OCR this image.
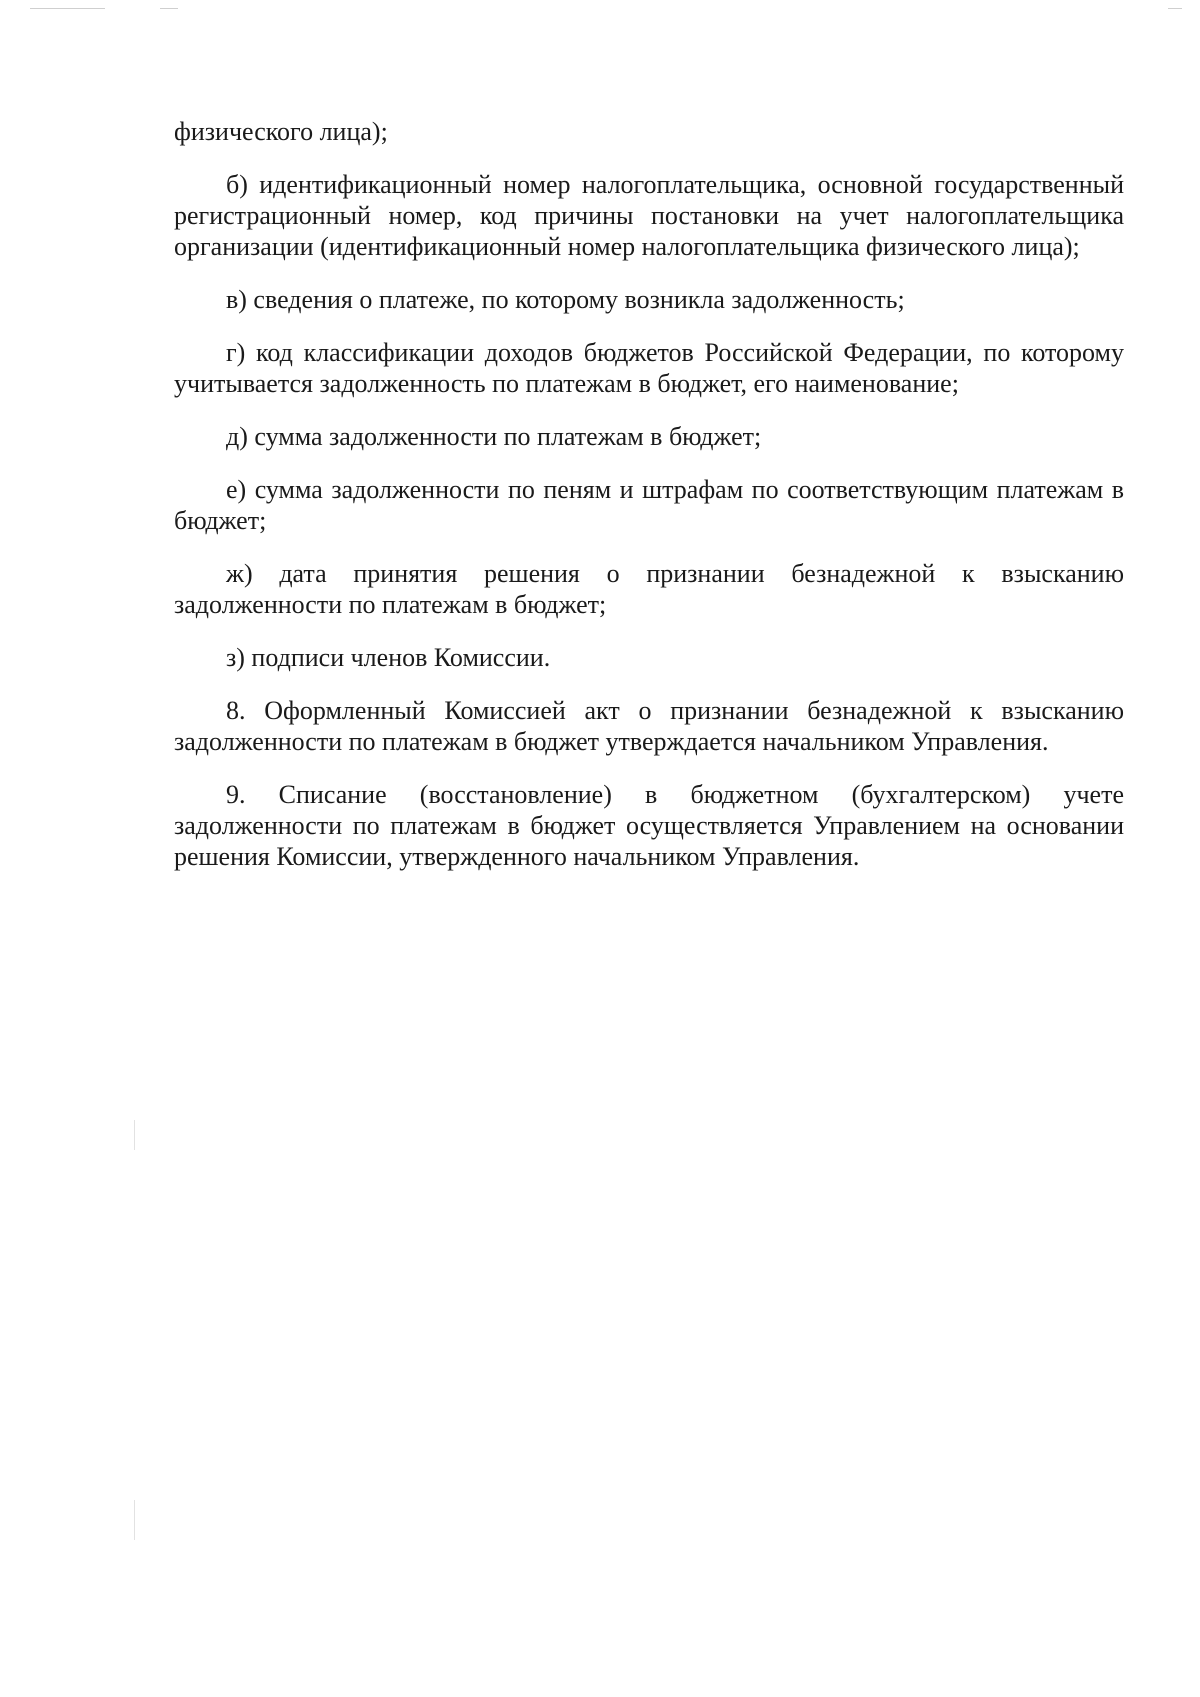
физического лица);

б) идентификационный номер налогоплательщика, основной государственный регистрационный номер, код причины постановки на учет налогоплательщика организации (идентификационный номер налогоплательщика физического лица);

в) сведения о платеже, по которому возникла задолженность;

г) код классификации доходов бюджетов Российской Федерации, по которому учитывается задолженность по платежам в бюджет, его наименование;

д) сумма задолженности по платежам в бюджет;

е) сумма задолженности по пеням и штрафам по соответствующим платежам в бюджет;

ж) дата принятия решения о признании безнадежной к взысканию задолженности по платежам в бюджет;

з) подписи членов Комиссии.

8. Оформленный Комиссией акт о признании безнадежной к взысканию задолженности по платежам в бюджет утверждается начальником Управления.

9. Списание (восстановление) в бюджетном (бухгалтерском) учете задолженности по платежам в бюджет осуществляется Управлением на основании решения Комиссии, утвержденного начальником Управления.
